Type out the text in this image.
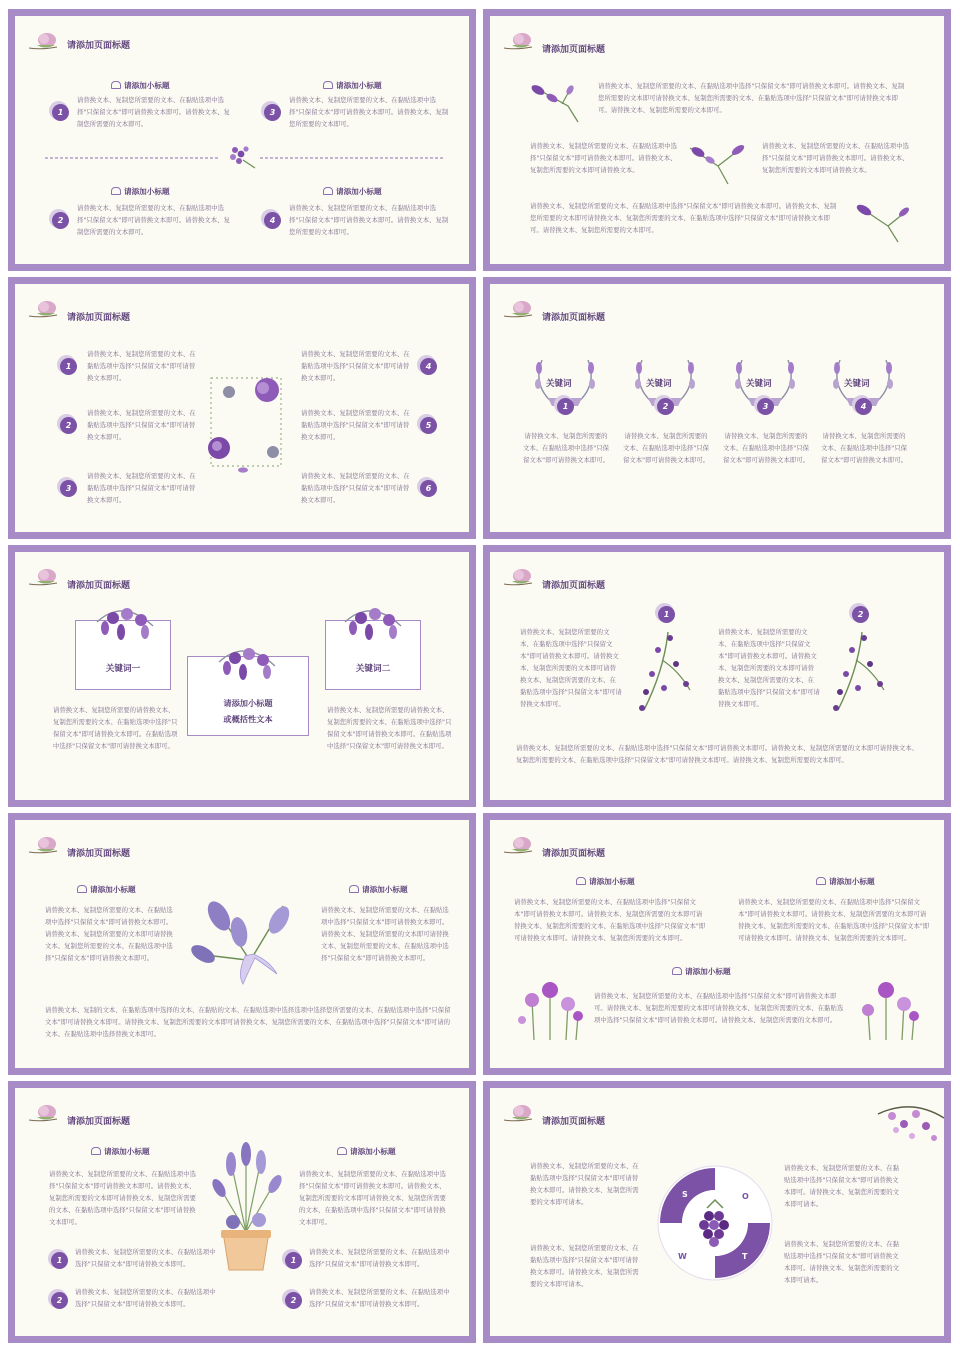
请添加页面标题
请添加小标题
1
请替换文本、复制您所需要的文本、在黏贴选项中选择"只保留文本"即可请替换文本即可。请替换文本、复制您所需要的文本即可。
请添加小标题
3
请替换文本、复制您所需要的文本、在黏贴选项中选择"只保留文本"即可请替换文本即可。请替换文本、复制您所需要的文本即可。
请添加小标题
2
请替换文本、复制您所需要的文本、在黏贴选项中选择"只保留文本"即可请替换文本即可。请替换文本、复制您所需要的文本即可。
请添加小标题
4
请替换文本、复制您所需要的文本、在黏贴选项中选择"只保留文本"即可请替换文本即可。请替换文本、复制您所需要的文本即可。
请添加页面标题
请替换文本、复制您所需要的文本、在黏贴选项中选择"只保留文本"即可请替换文本即可。请替换文本、复制您所需要的文本即可请替换文本、复制您所需要的文本、在黏贴选项中选择"只保留文本"即可请替换文本即可。请替换文本、复制您所需要的文本即可。
请替换文本、复制您所需要的文本、在黏贴选项中选择"只保留文本"即可请替换文本即可。请替换文本、复制您所需要的文本即可请替换文本。
请替换文本、复制您所需要的文本、在黏贴选项中选择"只保留文本"即可请替换文本即可。请替换文本、复制您所需要的文本即可请替换文本。
请替换文本、复制您所需要的文本、在黏贴选项中选择"只保留文本"即可请替换文本即可。请替换文本、复制您所需要的文本即可请替换文本、复制您所需要的文本、在黏贴选项中选择"只保留文本"即可请替换文本即可。请替换文本、复制您所需要的文本即可。
请添加页面标题
1
请替换文本、复制您所需要的文本、在黏贴选项中选择"只保留文本"即可请替换文本即可。
2
请替换文本、复制您所需要的文本、在黏贴选项中选择"只保留文本"即可请替换文本即可。
3
请替换文本、复制您所需要的文本、在黏贴选项中选择"只保留文本"即可请替换文本即可。
4
请替换文本、复制您所需要的文本、在黏贴选项中选择"只保留文本"即可请替换文本即可。
5
请替换文本、复制您所需要的文本、在黏贴选项中选择"只保留文本"即可请替换文本即可。
6
请替换文本、复制您所需要的文本、在黏贴选项中选择"只保留文本"即可请替换文本即可。
请添加页面标题
关键词
1
请替换文本、复制您所需要的文本、在黏贴选项中选择"只保留文本"即可请替换文本即可。
关键词
2
请替换文本、复制您所需要的文本、在黏贴选项中选择"只保留文本"即可请替换文本即可。
关键词
3
请替换文本、复制您所需要的文本、在黏贴选项中选择"只保留文本"即可请替换文本即可。
关键词
4
请替换文本、复制您所需要的文本、在黏贴选项中选择"只保留文本"即可请替换文本即可。
请添加页面标题
关键词一
请添加小标题
或概括性文本
关键词二
请替换文本、复制您所需要的请替换文本、复制您所需要的文本、在黏贴选项中选择"只保留文本"即可请替换文本即可。在黏贴选项中选择"只保留文本"即可请替换文本即可。
请替换文本、复制您所需要的请替换文本、复制您所需要的文本、在黏贴选项中选择"只保留文本"即可请替换文本即可。在黏贴选项中选择"只保留文本"即可请替换文本即可。
请添加页面标题
请替换文本、复制您所需要的文本、在黏贴选项中选择"只保留文本"即可请替换文本即可。请替换文本、复制您所需要的文本即可请替换文本、复制您所需要的文本、在黏贴选项中选择"只保留文本"即可请替换文本即可。
1
请替换文本、复制您所需要的文本、在黏贴选项中选择"只保留文本"即可请替换文本即可。请替换文本、复制您所需要的文本即可请替换文本、复制您所需要的文本、在黏贴选项中选择"只保留文本"即可请替换文本即可。
2
请替换文本、复制您所需要的文本、在黏贴选项中选择"只保留文本"即可请替换文本即可。请替换文本、复制您所需要的文本即可请替换文本、复制您所需要的文本、在黏贴选项中选择"只保留文本"即可请替换文本即可。请替换文本、复制您所需要的文本即可。
请添加页面标题
请添加小标题
请替换文本、复制您所需要的文本、在黏贴选项中选择"只保留文本"即可请替换文本即可。请替换文本、复制您所需要的文本即可请替换文本、复制您所需要的文本、在黏贴选项中选择"只保留文本"即可请替换文本即可。
请添加小标题
请替换文本、复制您所需要的文本、在黏贴选项中选择"只保留文本"即可请替换文本即可。请替换文本、复制您所需要的文本即可请替换文本、复制您所需要的文本、在黏贴选项中选择"只保留文本"即可请替换文本即可。
请替换文本、复制的文本、在黏贴选项中选择的文本、在黏贴的文本、在黏贴选项中选择选项中选择您所需要的文本、在黏贴选项中选择"只保留文本"即可请替换文本即可。请替换文本、复制您所需要的文本即可请替换文本、复制您所需要的文本、在黏贴选项中选择"只保留文本"即可请的文本、在黏贴选项中选择替换文本即可。
请添加页面标题
请添加小标题
请替换文本、复制您所需要的文本、在黏贴选项中选择"只保留文本"即可请替换文本即可。请替换文本、复制您所需要的文本即可请替换文本、复制您所需要的文本、在黏贴选项中选择"只保留文本"即可请替换文本即可。请替换文本、复制您所需要的文本即可。
请添加小标题
请替换文本、复制您所需要的文本、在黏贴选项中选择"只保留文本"即可请替换文本即可。请替换文本、复制您所需要的文本即可请替换文本、复制您所需要的文本、在黏贴选项中选择"只保留文本"即可请替换文本即可。请替换文本、复制您所需要的文本即可。
请添加小标题
请替换文本、复制您所需要的文本、在黏贴选项中选择"只保留文本"即可请替换文本即可。请替换文本、复制您所需要的文本即可请替换文本、复制您所需要的文本、在黏贴选项中选择"只保留文本"即可请替换文本即可。请替换文本、复制您所需要的文本即可。
请添加页面标题
请添加小标题
请替换文本、复制您所需要的文本、在黏贴选项中选择"只保留文本"即可请替换文本即可。请替换文本、复制您所需要的文本即可请替换文本、复制您所需要的文本、在黏贴选项中选择"只保留文本"即可请替换文本即可。
请添加小标题
请替换文本、复制您所需要的文本、在黏贴选项中选择"只保留文本"即可请替换文本即可。请替换文本、复制您所需要的文本即可请替换文本、复制您所需要的文本、在黏贴选项中选择"只保留文本"即可请替换文本即可。
1
请替换文本、复制您所需要的文本、在黏贴选项中选择"只保留文本"即可请替换文本即可。
2
请替换文本、复制您所需要的文本、在黏贴选项中选择"只保留文本"即可请替换文本即可。
1
请替换文本、复制您所需要的文本、在黏贴选项中选择"只保留文本"即可请替换文本即可。
2
请替换文本、复制您所需要的文本、在黏贴选项中选择"只保留文本"即可请替换文本即可。
请添加页面标题
请替换文本、复制您所需要的文本、在黏贴选项中选择"只保留文本"即可请替换文本即可。请替换文本、复制您所需要的文本即可请本。
请替换文本、复制您所需要的文本、在黏贴选项中选择"只保留文本"即可请替换文本即可。请替换文本、复制您所需要的文本即可请本。
请替换文本、复制您所需要的文本、在黏贴选项中选择"只保留文本"即可请替换文本即可。请替换文本、复制您所需要的文本即可请本。
请替换文本、复制您所需要的文本、在黏贴选项中选择"只保留文本"即可请替换文本即可。请替换文本、复制您所需要的文本即可请本。
S	O
W	T
